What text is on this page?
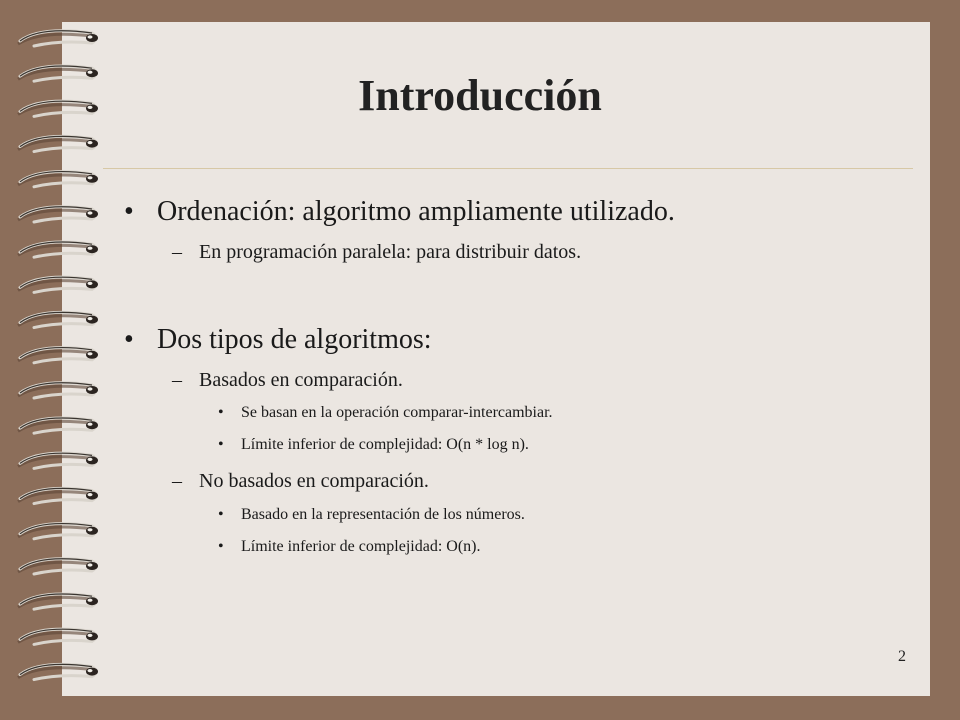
Introducción
• Ordenación: algoritmo ampliamente utilizado.
– En programación paralela: para distribuir datos.
• Dos tipos de algoritmos:
– Basados en comparación.
• Se basan en la operación comparar-intercambiar.
• Límite inferior de complejidad: O(n * log n).
– No basados en comparación.
• Basado en la representación de los números.
• Límite inferior de complejidad: O(n).
2
